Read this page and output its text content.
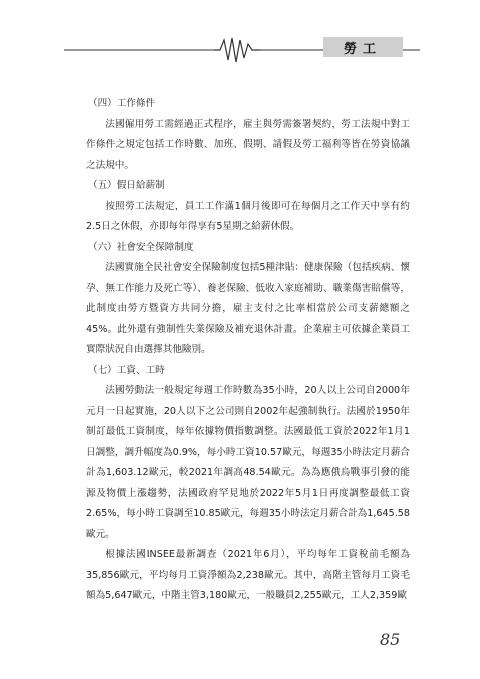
勞工

（四）工作條件

法國僱用勞工需經過正式程序，雇主與勞需簽署契約，勞工法規中對工作條件之規定包括工作時數、加班、假期、請假及勞工福利等皆在勞資協議之法規中。

（五）假日給薪制

按照勞工法規定，員工工作滿1個月後即可在每個月之工作天中享有約2.5日之休假，亦即每年得享有5星期之給薪休假。

（六）社會安全保障制度

法國實施全民社會安全保險制度包括5種津貼：健康保險（包括疾病、懷孕、無工作能力及死亡等）、養老保險、低收入家庭補助、職業傷害賠償等，此制度由勞方暨資方共同分擔，雇主支付之比率相當於公司支薪總額之45%。此外還有強制性失業保險及補充退休計畫。企業雇主可依據企業員工實際狀況自由選擇其他險別。

（七）工資、工時

法國勞動法一般規定每週工作時數為35小時，20人以上公司自2000年元月一日起實施，20人以下之公司則自2002年起強制執行。法國於1950年制訂最低工資制度，每年依據物價指數調整。法國最低工資於2022年1月1日調整，調升幅度為0.9%，每小時工資10.57歐元，每週35小時法定月薪合計為1,603.12歐元，較2021年調高48.54歐元。為為應俄烏戰事引發的能源及物價上漲趨勢，法國政府罕見地於2022年5月1日再度調整最低工資2.65%，每小時工資調至10.85歐元，每週35小時法定月薪合計為1,645.58歐元。

根據法國INSEE最新調查（2021年6月），平均每年工資稅前毛額為35,856歐元，平均每月工資淨額為2,238歐元。其中，高階主管每月工資毛額為5,647歐元，中階主管3,180歐元，一般職員2,255歐元，工人2,359歐

85
